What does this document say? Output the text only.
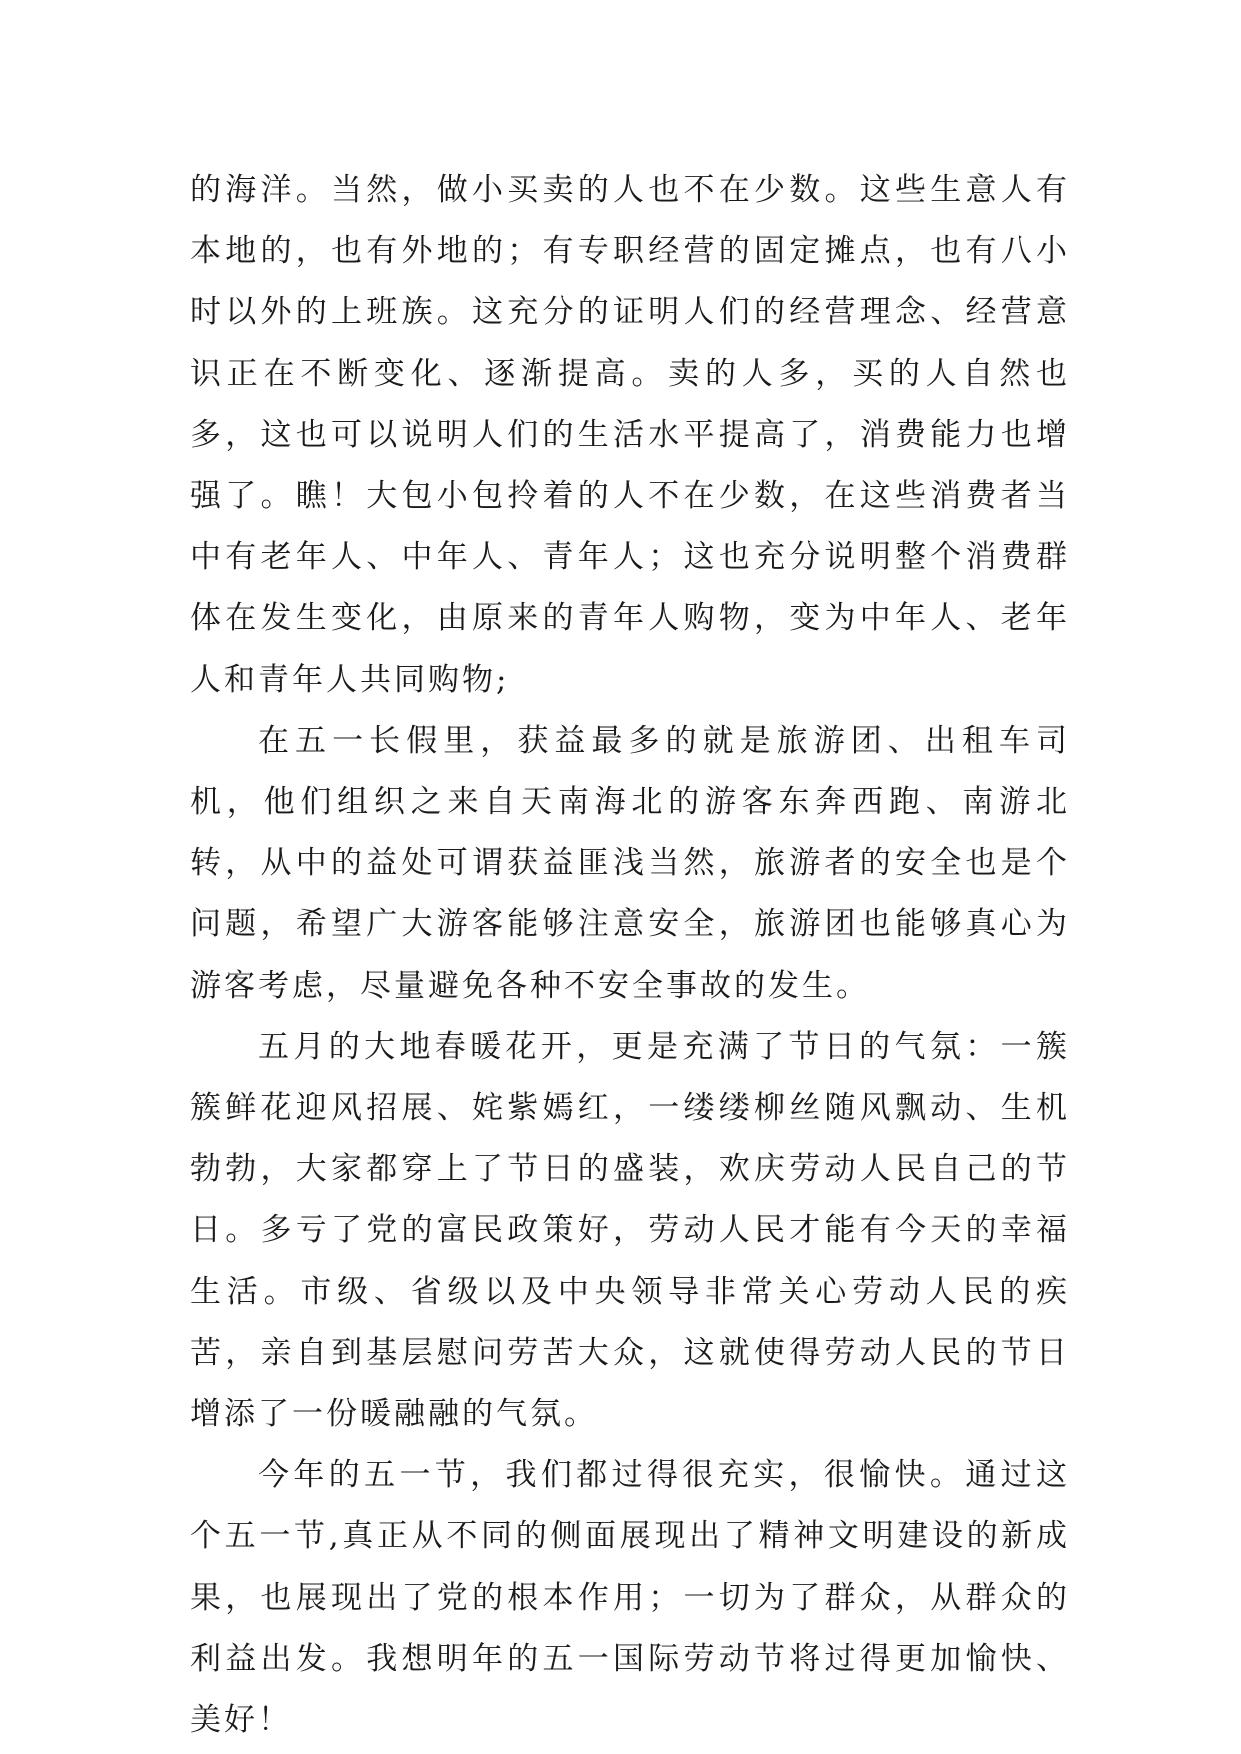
的海洋。当然，做小买卖的人也不在少数。这些生意人有本地的，也有外地的；有专职经营的固定摊点，也有八小时以外的上班族。这充分的证明人们的经营理念、经营意识正在不断变化、逐渐提高。卖的人多，买的人自然也多，这也可以说明人们的生活水平提高了，消费能力也增强了。瞧！大包小包拎着的人不在少数，在这些消费者当中有老年人、中年人、青年人；这也充分说明整个消费群体在发生变化，由原来的青年人购物，变为中年人、老年人和青年人共同购物;

在五一长假里，获益最多的就是旅游团、出租车司机，他们组织之来自天南海北的游客东奔西跑、南游北转，从中的益处可谓获益匪浅当然，旅游者的安全也是个问题，希望广大游客能够注意安全，旅游团也能够真心为游客考虑，尽量避免各种不安全事故的发生。

五月的大地春暖花开，更是充满了节日的气氛：一簇簇鲜花迎风招展、姹紫嫣红，一缕缕柳丝随风飘动、生机勃勃，大家都穿上了节日的盛装，欢庆劳动人民自己的节日。多亏了党的富民政策好，劳动人民才能有今天的幸福生活。市级、省级以及中央领导非常关心劳动人民的疾苦，亲自到基层慰问劳苦大众，这就使得劳动人民的节日增添了一份暖融融的气氛。

今年的五一节，我们都过得很充实，很愉快。通过这个五一节,真正从不同的侧面展现出了精神文明建设的新成果，也展现出了党的根本作用；一切为了群众，从群众的利益出发。我想明年的五一国际劳动节将过得更加愉快、美好！
